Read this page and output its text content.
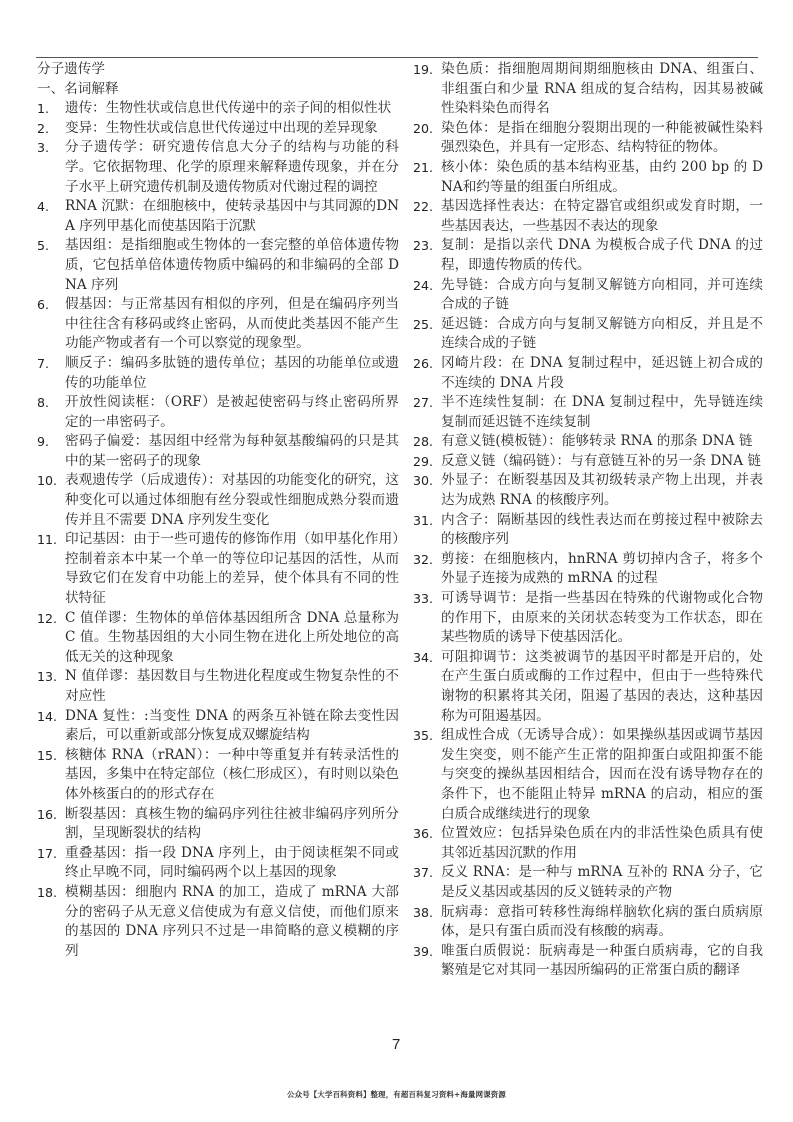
分子遗传学
一、名词解释
1.	遗传：生物性状或信息世代传递中的亲子间的相似性状
2.	变异：生物性状或信息世代传递过中出现的差异现象
3.	分子遗传学：研究遗传信息大分子的结构与功能的科学。它依据物理、化学的原理来解释遗传现象，并在分子水平上研究遗传机制及遗传物质对代谢过程的调控
4.	RNA 沉默：在细胞核中，使转录基因中与其同源的DNA 序列甲基化而使基因陷于沉默
5.	基因组：是指细胞或生物体的一套完整的单倍体遗传物质，它包括单倍体遗传物质中编码的和非编码的全部 DNA 序列
6.	假基因：与正常基因有相似的序列，但是在编码序列当中往往含有移码或终止密码，从而使此类基因不能产生功能产物或者有一个可以察觉的现象型。
7.	顺反子：编码多肽链的遗传单位；基因的功能单位或遗传的功能单位
8.	开放性阅读框：（ORF）是被起使密码与终止密码所界定的一串密码子。
9.	密码子偏爱：基因组中经常为每种氨基酸编码的只是其中的某一密码子的现象
10. 表观遗传学（后成遗传）：对基因的功能变化的研究，这种变化可以通过体细胞有丝分裂或性细胞成熟分裂而遗传并且不需要 DNA 序列发生变化
11. 印记基因：由于一些可遗传的修饰作用（如甲基化作用）控制着亲本中某一个单一的等位印记基因的活性，从而导致它们在发育中功能上的差异，使个体具有不同的性状特征
12. C 值佯谬：生物体的单倍体基因组所含 DNA 总量称为C 值。生物基因组的大小同生物在进化上所处地位的高低无关的这种现象
13. N 值佯谬：基因数目与生物进化程度或生物复杂性的不对应性
14. DNA 复性：:当变性 DNA 的两条互补链在除去变性因素后，可以重新或部分恢复成双螺旋结构
15. 核糖体 RNA（rRAN）：一种中等重复并有转录活性的基因，多集中在特定部位（核仁形成区），有时则以染色体外核蛋白的的形式存在
16. 断裂基因：真核生物的编码序列往往被非编码序列所分割，呈现断裂状的结构
17. 重叠基因：指一段 DNA 序列上，由于阅读框架不同或终止早晚不同，同时编码两个以上基因的现象
18. 模糊基因：细胞内 RNA 的加工，造成了 mRNA 大部分的密码子从无意义信使成为有意义信使，而他们原来的基因的 DNA 序列只不过是一串简略的意义模糊的序列
19. 染色质：指细胞周期间期细胞核由 DNA、组蛋白、非组蛋白和少量 RNA 组成的复合结构，因其易被碱性染料染色而得名
20. 染色体：是指在细胞分裂期出现的一种能被碱性染料强烈染色，并具有一定形态、结构特征的物体。
21. 核小体：染色质的基本结构亚基，由约 200 bp 的 DNA和约等量的组蛋白所组成。
22. 基因选择性表达：在特定器官或组织或发育时期，一些基因表达，一些基因不表达的现象
23. 复制：是指以亲代 DNA 为模板合成子代 DNA 的过程，即遗传物质的传代。
24. 先导链：合成方向与复制叉解链方向相同，并可连续合成的子链
25. 延迟链：合成方向与复制叉解链方向相反，并且是不连续合成的子链
26. 冈崎片段：在 DNA 复制过程中，延迟链上初合成的不连续的 DNA 片段
27. 半不连续性复制：在 DNA 复制过程中，先导链连续复制而延迟链不连续复制
28. 有意义链(模板链）：能够转录 RNA 的那条 DNA 链
29. 反意义链（编码链）：与有意链互补的另一条 DNA 链
30. 外显子：在断裂基因及其初级转录产物上出现，并表达为成熟 RNA 的核酸序列。
31. 内含子：隔断基因的线性表达而在剪接过程中被除去的核酸序列
32. 剪接：在细胞核内，hnRNA 剪切掉内含子，将多个外显子连接为成熟的 mRNA 的过程
33. 可诱导调节：是指一些基因在特殊的代谢物或化合物的作用下，由原来的关闭状态转变为工作状态，即在某些物质的诱导下使基因活化。
34. 可阻抑调节：这类被调节的基因平时都是开启的，处在产生蛋白质或酶的工作过程中，但由于一些特殊代谢物的积累将其关闭，阻遏了基因的表达，这种基因称为可阻遏基因。
35. 组成性合成（无诱导合成）：如果操纵基因或调节基因发生突变，则不能产生正常的阻抑蛋白或阻抑蛋不能与突变的操纵基因相结合，因而在没有诱导物存在的条件下，也不能阻止特异 mRNA 的启动，相应的蛋白质合成继续进行的现象
36. 位置效应：包括异染色质在内的非活性染色质具有使其邻近基因沉默的作用
37. 反义 RNA：是一种与 mRNA 互补的 RNA 分子，它是反义基因或基因的反义链转录的产物
38. 朊病毒：意指可转移性海绵样脑软化病的蛋白质病原体，是只有蛋白质而没有核酸的病毒。
39. 唯蛋白质假说：朊病毒是一种蛋白质病毒，它的自我繁殖是它对其同一基因所编码的正常蛋白质的翻译
7
公众号【大学百科资料】整理，有超百科复习资料+海量网课资源
